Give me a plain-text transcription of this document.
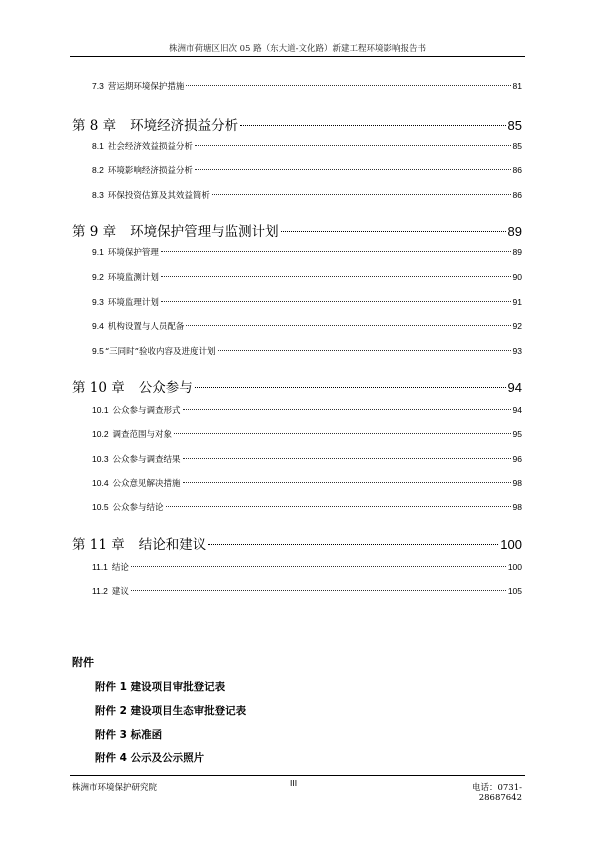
株洲市荷塘区旧次 05 路（东大道-文化路）新建工程环境影响报告书
7.3 营运期环境保护措施	81
第 8 章 环境经济损益分析	85
8.1 社会经济效益损益分析	85
8.2 环境影响经济损益分析	86
8.3 环保投资估算及其效益简析	86
第 9 章 环境保护管理与监测计划	89
9.1 环境保护管理	89
9.2 环境监测计划	90
9.3 环境监理计划	91
9.4 机构设置与人员配备	92
9.5“三同时”验收内容及进度计划	93
第 10 章 公众参与	94
10.1 公众参与调查形式	94
10.2 调查范围与对象	95
10.3 公众参与调查结果	96
10.4 公众意见解决措施	98
10.5 公众参与结论	98
第 11 章 结论和建议	100
11.1 结论	100
11.2 建议	105
附件
附件 1 建设项目审批登记表
附件 2 建设项目生态审批登记表
附件 3 标准函
附件 4 公示及公示照片
株洲市环境保护研究院	III	电话：0731-28687642
